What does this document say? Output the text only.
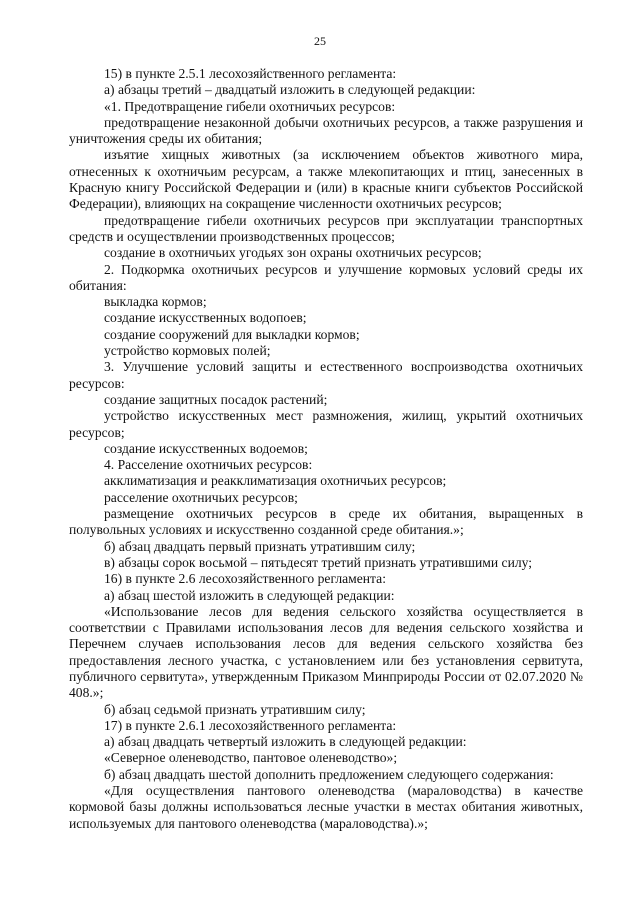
25

15) в пункте 2.5.1 лесохозяйственного регламента:

а) абзацы третий – двадцатый изложить в следующей редакции:

«1. Предотвращение гибели охотничьих ресурсов:

предотвращение незаконной добычи охотничьих ресурсов, а также разрушения и уничтожения среды их обитания;

изъятие хищных животных (за исключением объектов животного мира, отнесенных к охотничьим ресурсам, а также млекопитающих и птиц, занесенных в Красную книгу Российской Федерации и (или) в красные книги субъектов Российской Федерации), влияющих на сокращение численности охотничьих ресурсов;

предотвращение гибели охотничьих ресурсов при эксплуатации транспортных средств и осуществлении производственных процессов;

создание в охотничьих угодьях зон охраны охотничьих ресурсов;

2. Подкормка охотничьих ресурсов и улучшение кормовых условий среды их обитания:

выкладка кормов;

создание искусственных водопоев;

создание сооружений для выкладки кормов;

устройство кормовых полей;

3. Улучшение условий защиты и естественного воспроизводства охотничьих ресурсов:

создание защитных посадок растений;

устройство искусственных мест размножения, жилищ, укрытий охотничьих ресурсов;

создание искусственных водоемов;

4. Расселение охотничьих ресурсов:

акклиматизация и реакклиматизация охотничьих ресурсов;

расселение охотничьих ресурсов;

размещение охотничьих ресурсов в среде их обитания, выращенных в полувольных условиях и искусственно созданной среде обитания.»;

б) абзац двадцать первый признать утратившим силу;

в) абзацы сорок восьмой – пятьдесят третий признать утратившими силу;

16) в пункте 2.6 лесохозяйственного регламента:

а) абзац шестой изложить в следующей редакции:

«Использование лесов для ведения сельского хозяйства осуществляется в соответствии с Правилами использования лесов для ведения сельского хозяйства и Перечнем случаев использования лесов для ведения сельского хозяйства без предоставления лесного участка, с установлением или без установления сервитута, публичного сервитута», утвержденным Приказом Минприроды России от 02.07.2020 № 408.»;

б) абзац седьмой признать утратившим силу;

17) в пункте 2.6.1 лесохозяйственного регламента:

а) абзац двадцать четвертый изложить в следующей редакции:

«Северное оленеводство, пантовое оленеводство»;

б) абзац двадцать шестой дополнить предложением следующего содержания:

«Для осуществления пантового оленеводства (мараловодства) в качестве кормовой базы должны использоваться лесные участки в местах обитания животных, используемых для пантового оленеводства (мараловодства).»;
